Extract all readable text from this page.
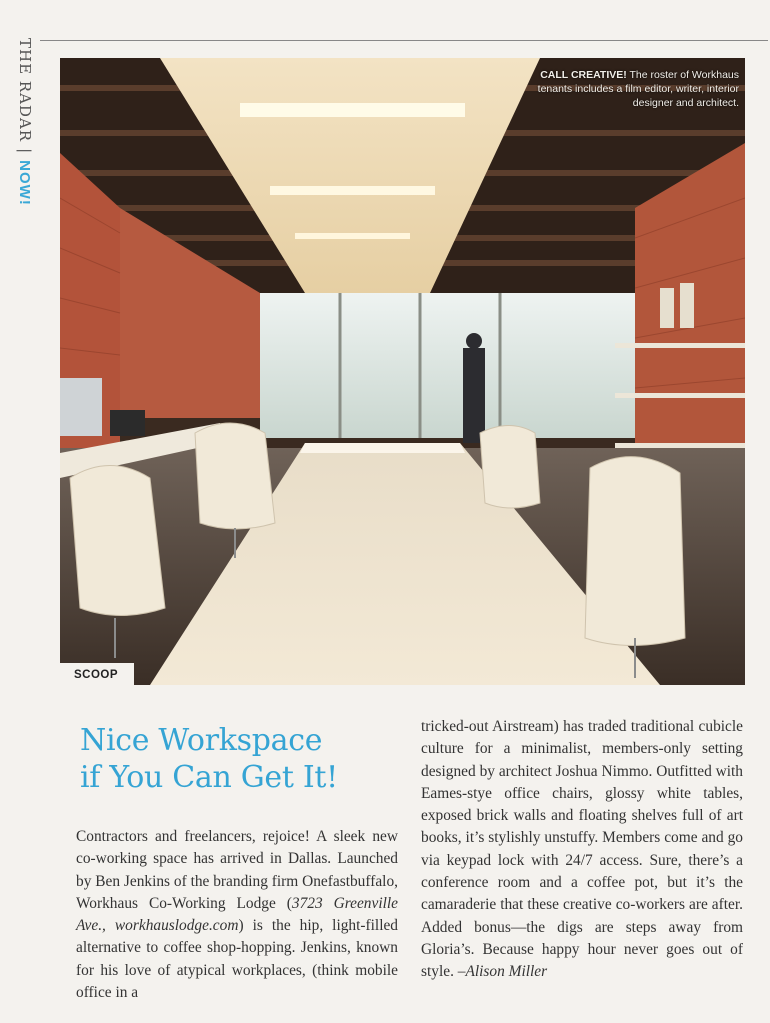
THE RADAR|NOW!
CALL CREATIVE! The roster of Workhaus tenants includes a film editor, writer, interior designer and architect.
SCOOP
Nice Workspace
if You Can Get It!
Contractors and freelancers, rejoice! A sleek new co-working space has arrived in Dallas. Launched by Ben Jenkins of the branding firm Onefastbuffalo, Workhaus Co-Working Lodge (3723 Greenville Ave., workhauslodge.com) is the hip, light-filled alternative to coffee shop-hopping. Jenkins, known for his love of atypical workplaces, (think mobile office in a
tricked-out Airstream) has traded traditional cubicle culture for a minimalist, members-only setting designed by architect Joshua Nimmo. Outfitted with Eames-stye office chairs, glossy white tables, exposed brick walls and floating shelves full of art books, it’s stylishly unstuffy. Members come and go via keypad lock with 24/7 access. Sure, there’s a conference room and a coffee pot, but it’s the camaraderie that these creative co-workers are after. Added bonus—the digs are steps away from Gloria’s. Because happy hour never goes out of style. –Alison Miller
